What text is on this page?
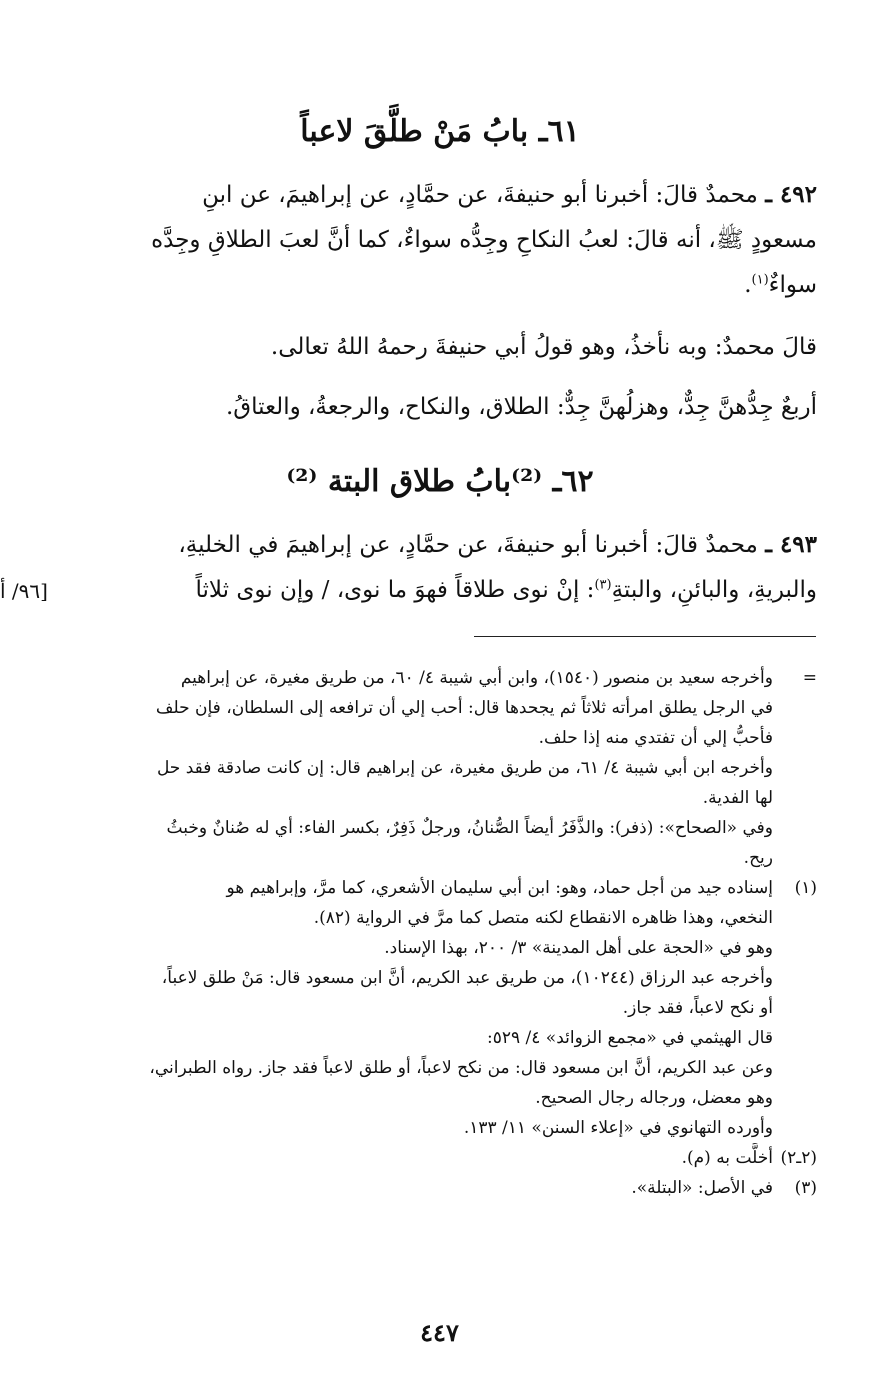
٦١ـ بابُ مَنْ طلَّقَ لاعباً
٤٩٢ ـ محمدٌ قالَ: أخبرنا أبو حنيفةَ، عن حمَّادٍ، عن إبراهيمَ، عن ابنِ
مسعودٍ ﷺ، أنه قالَ: لعبُ النكاحِ وجِدُّه سواءٌ، كما أنَّ لعبَ الطلاقِ وجِدَّه
سواءٌ$^{(١)}$.
قالَ محمدٌ: وبه نأخذُ، وهو قولُ أبي حنيفةَ رحمهُ اللهُ تعالى.
أربعٌ جِدُّهنَّ جِدٌّ، وهزلُهنَّ جِدٌّ: الطلاق، والنكاح، والرجعةُ، والعتاقُ.
٦٢ـ ⁽²⁾بابُ طلاق البتة ⁽²⁾
٤٩٣ ـ محمدٌ قالَ: أخبرنا أبو حنيفةَ، عن حمَّادٍ، عن إبراهيمَ في الخليةِ،
والبريةِ، والبائنِ، والبتةِ$^{(٣)}$: إنْ نوى طلاقاً فهوَ ما نوى، / وإن نوى ثلاثاً
[٩٦/ أ
=وأخرجه سعيد بن منصور (١٥٤٠)، وابن أبي شيبة ٤/ ٦٠، من طريق مغيرة، عن إبراهيم
في الرجل يطلق امرأته ثلاثاً ثم يجحدها قال: أحب إلي أن ترافعه إلى السلطان، فإن حلف
فأحبُّ إلي أن تفتدي منه إذا حلف.
وأخرجه ابن أبي شيبة ٤/ ٦١، من طريق مغيرة، عن إبراهيم قال: إن كانت صادقة فقد حل
لها الفدية.
وفي «الصحاح»: (ذفر): والذَّفَرُ أيضاً الصُّنانُ، ورجلٌ ذَفِرٌ، بكسر الفاء: أي له صُنانٌ وخبثُ
ريح.
(١)إسناده جيد من أجل حماد، وهو: ابن أبي سليمان الأشعري، كما مرَّ، وإبراهيم هو
النخعي، وهذا ظاهره الانقطاع لكنه متصل كما مرَّ في الرواية (٨٢).
وهو في «الحجة على أهل المدينة» ٣/ ٢٠٠، بهذا الإسناد.
وأخرجه عبد الرزاق (١٠٢٤٤)، من طريق عبد الكريم، أنَّ ابن مسعود قال: مَنْ طلق لاعباً،
أو نكح لاعباً، فقد جاز.
قال الهيثمي في «مجمع الزوائد» ٤/ ٥٢٩:
وعن عبد الكريم، أنَّ ابن مسعود قال: من نكح لاعباً، أو طلق لاعباً فقد جاز. رواه الطبراني،
وهو معضل، ورجاله رجال الصحيح.
وأورده التهانوي في «إعلاء السنن» ١١/ ١٣٣.
(٢ـ٢)أخلَّت به (م).
(٣)في الأصل: «البتلة».
٤٤٧
